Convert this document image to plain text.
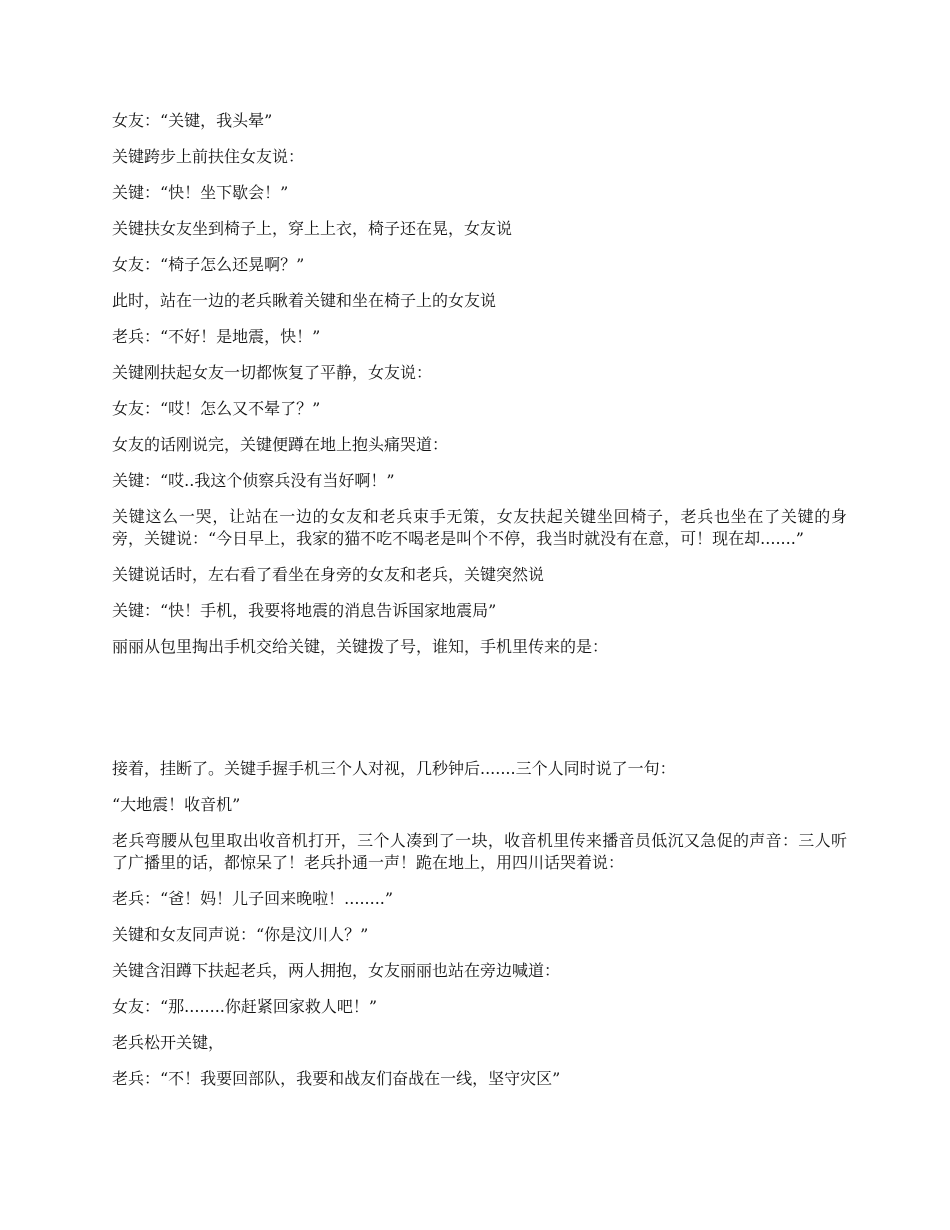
女友：“关键，我头晕”

关键跨步上前扶住女友说：

关键：“快！坐下歇会！”

关键扶女友坐到椅子上，穿上上衣，椅子还在晃，女友说

女友：“椅子怎么还晃啊？”

此时，站在一边的老兵瞅着关键和坐在椅子上的女友说

老兵：“不好！是地震，快！”

关键刚扶起女友一切都恢复了平静，女友说：

女友：“哎！怎么又不晕了？”

女友的话刚说完，关键便蹲在地上抱头痛哭道：

关键：“哎..我这个侦察兵没有当好啊！”

关键这么一哭，让站在一边的女友和老兵束手无策，女友扶起关键坐回椅子，老兵也坐在了关键的身旁，关键说：“今日早上，我家的猫不吃不喝老是叫个不停，我当时就没有在意，可！现在却.......”

关键说话时，左右看了看坐在身旁的女友和老兵，关键突然说

关键：“快！手机，我要将地震的消息告诉国家地震局”

丽丽从包里掏出手机交给关键，关键拨了号，谁知，手机里传来的是：

接着，挂断了。关键手握手机三个人对视，几秒钟后.......三个人同时说了一句：

“大地震！收音机”

老兵弯腰从包里取出收音机打开，三个人凑到了一块，收音机里传来播音员低沉又急促的声音：三人听了广播里的话，都惊呆了！老兵扑通一声！跪在地上，用四川话哭着说：

老兵：“爸！妈！儿子回来晚啦！........”

关键和女友同声说：“你是汶川人？”

关键含泪蹲下扶起老兵，两人拥抱，女友丽丽也站在旁边喊道：

女友：“那........你赶紧回家救人吧！”

老兵松开关键，

老兵：“不！我要回部队，我要和战友们奋战在一线，坚守灾区”
